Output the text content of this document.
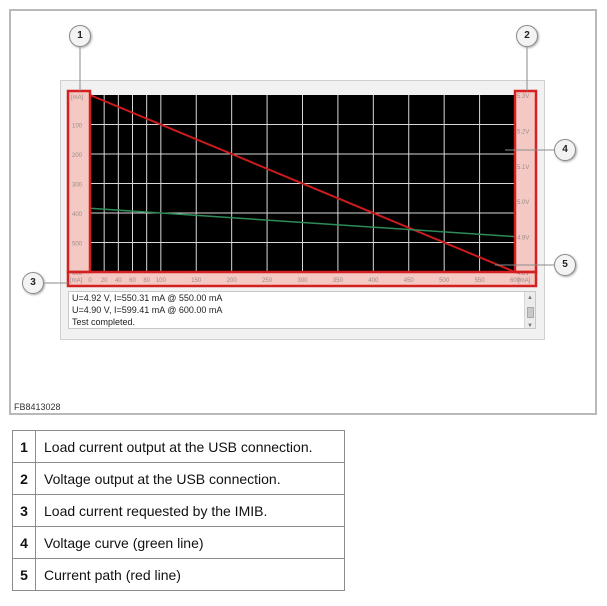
[mA]
100
200
300
400
500
600
5.3V
5.2V
5.1V
5.0V
4.9V
4.8V
[mA] 0 20 40 60 80 100	150	200	250	300	350	400	450	500	550	600
[mA]
U=4.92 V, I=550.31 mA @ 550.00 mA
U=4.90 V, I=599.41 mA @ 600.00 mA
Test completed.
▲
▼
FB8413028
1	2
3
4
5
1	Load current output at the USB connection.
2	Voltage output at the USB connection.
3	Load current requested by the IMIB.
4	Voltage curve (green line)
5	Current path (red line)
